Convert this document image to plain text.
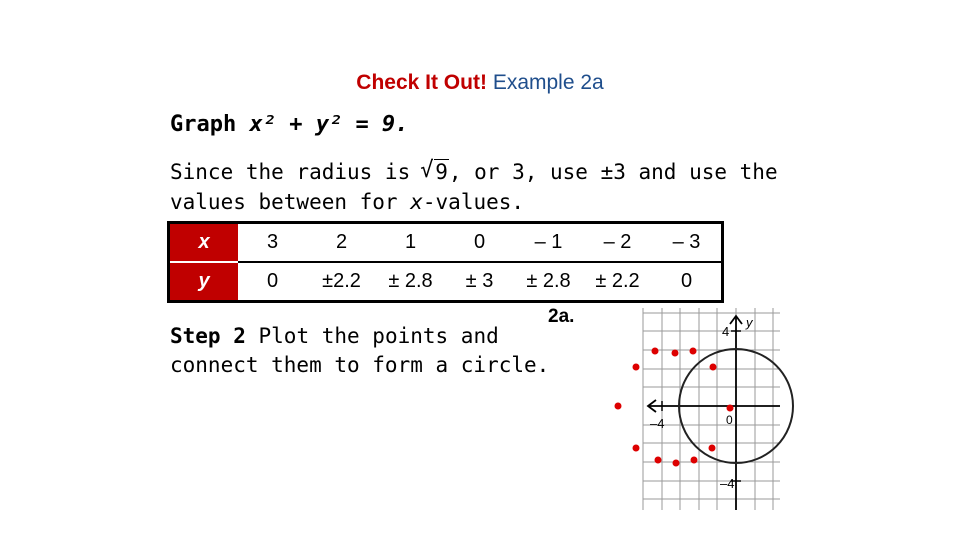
Check It Out! Example 2a
Graph x² + y² = 9.
Since the radius is √ 9, or 3, use ±3 and use the
values between for x-values.
x	3	2	1	0	– 1	– 2	– 3
y	0	±2.2	± 2.8	± 3	± 2.8	± 2.2	0
Step 2 Plot the points and
connect them to form a circle.
2a.	y
4
–4	0
–4
